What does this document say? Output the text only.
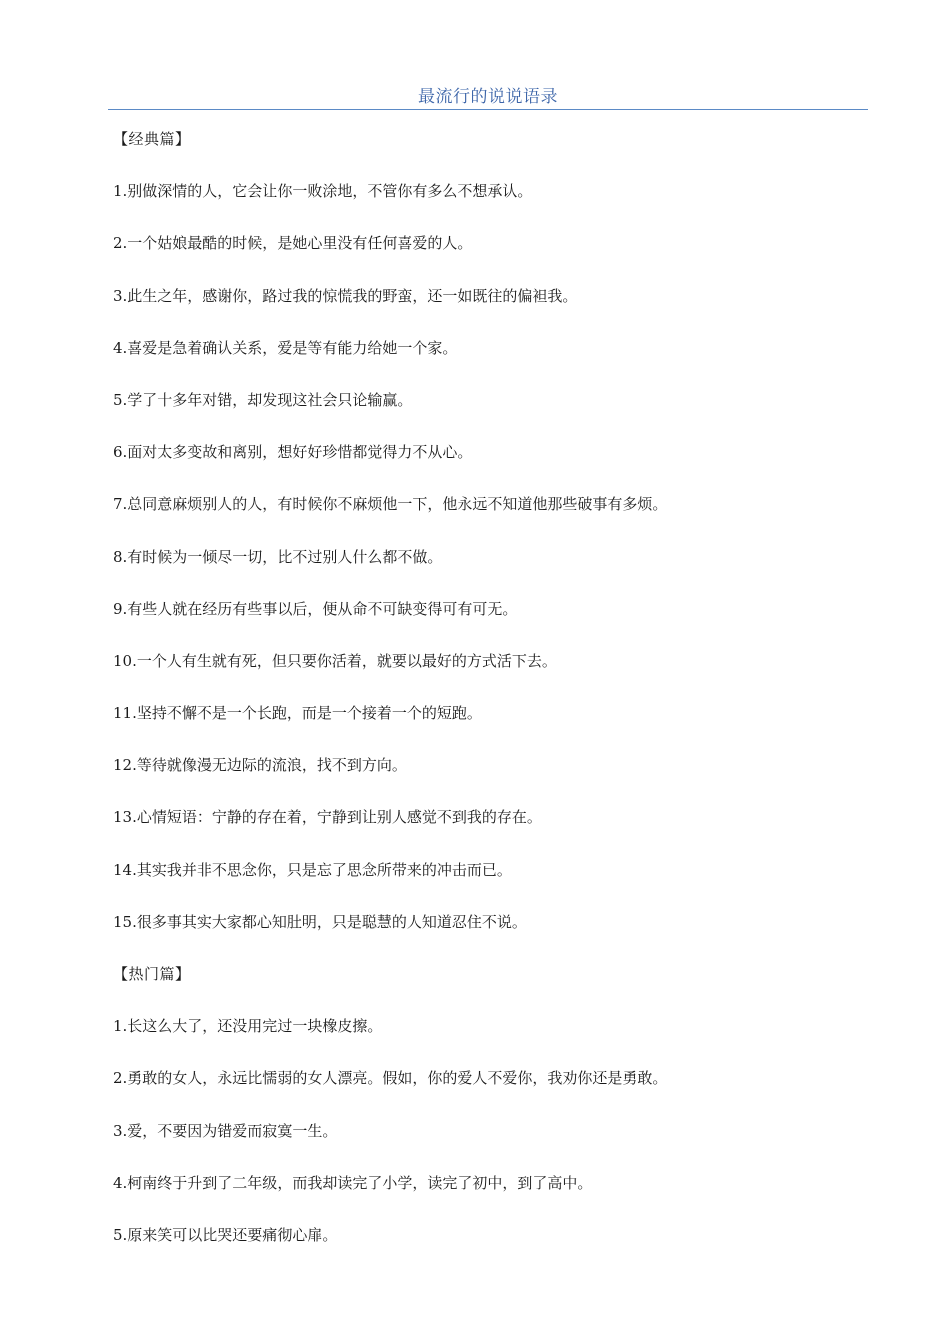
最流行的说说语录
【经典篇】
1.别做深情的人，它会让你一败涂地，不管你有多么不想承认。
2.一个姑娘最酷的时候，是她心里没有任何喜爱的人。
3.此生之年，感谢你，路过我的惊慌我的野蛮，还一如既往的偏袒我。
4.喜爱是急着确认关系，爱是等有能力给她一个家。
5.学了十多年对错，却发现这社会只论输赢。
6.面对太多变故和离别，想好好珍惜都觉得力不从心。
7.总同意麻烦别人的人，有时候你不麻烦他一下，他永远不知道他那些破事有多烦。
8.有时候为一倾尽一切，比不过别人什么都不做。
9.有些人就在经历有些事以后，便从命不可缺变得可有可无。
10.一个人有生就有死，但只要你活着，就要以最好的方式活下去。
11.坚持不懈不是一个长跑，而是一个接着一个的短跑。
12.等待就像漫无边际的流浪，找不到方向。
13.心情短语：宁静的存在着，宁静到让别人感觉不到我的存在。
14.其实我并非不思念你，只是忘了思念所带来的冲击而已。
15.很多事其实大家都心知肚明，只是聪慧的人知道忍住不说。
【热门篇】
1.长这么大了，还没用完过一块橡皮擦。
2.勇敢的女人，永远比懦弱的女人漂亮。假如，你的爱人不爱你，我劝你还是勇敢。
3.爱，不要因为错爱而寂寞一生。
4.柯南终于升到了二年级，而我却读完了小学，读完了初中，到了高中。
5.原来笑可以比哭还要痛彻心扉。
